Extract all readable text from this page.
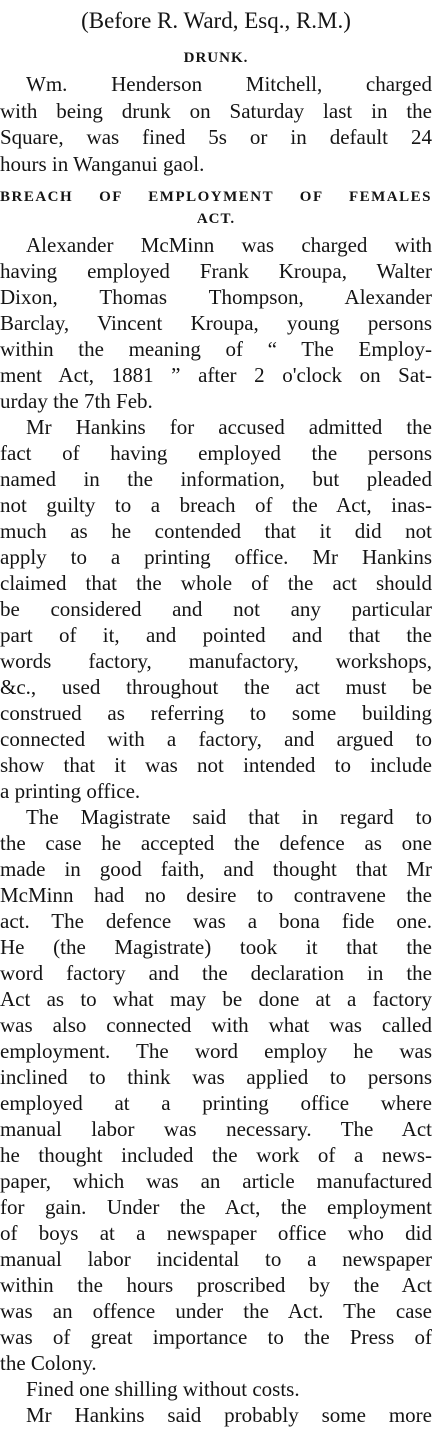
(Before R. Ward, Esq., R.M.)
DRUNK.
Wm. Henderson Mitchell, charged
with being drunk on Saturday last in the
Square, was fined 5s or in default 24
hours in Wanganui gaol.
BREACH OF EMPLOYMENT OF FEMALES
ACT.
Alexander McMinn was charged with
having employed Frank Kroupa, Walter
Dixon, Thomas Thompson, Alexander
Barclay, Vincent Kroupa, young persons
within the meaning of “ The Employ-
ment Act, 1881 ” after 2 o'clock on Sat-
urday the 7th Feb.
Mr Hankins for accused admitted the
fact of having employed the persons
named in the information, but pleaded
not guilty to a breach of the Act, inas-
much as he contended that it did not
apply to a printing office. Mr Hankins
claimed that the whole of the act should
be considered and not any particular
part of it, and pointed and that the
words factory, manufactory, workshops,
&c., used throughout the act must be
construed as referring to some building
connected with a factory, and argued to
show that it was not intended to include
a printing office.
The Magistrate said that in regard to
the case he accepted the defence as one
made in good faith, and thought that Mr
McMinn had no desire to contravene the
act. The defence was a bona fide one.
He (the Magistrate) took it that the
word factory and the declaration in the
Act as to what may be done at a factory
was also connected with what was called
employment. The word employ he was
inclined to think was applied to persons
employed at a printing office where
manual labor was necessary. The Act
he thought included the work of a news-
paper, which was an article manufactured
for gain. Under the Act, the employment
of boys at a newspaper office who did
manual labor incidental to a newspaper
within the hours proscribed by the Act
was an offence under the Act. The case
was of great importance to the Press of
the Colony.
Fined one shilling without costs.
Mr Hankins said probably some more
